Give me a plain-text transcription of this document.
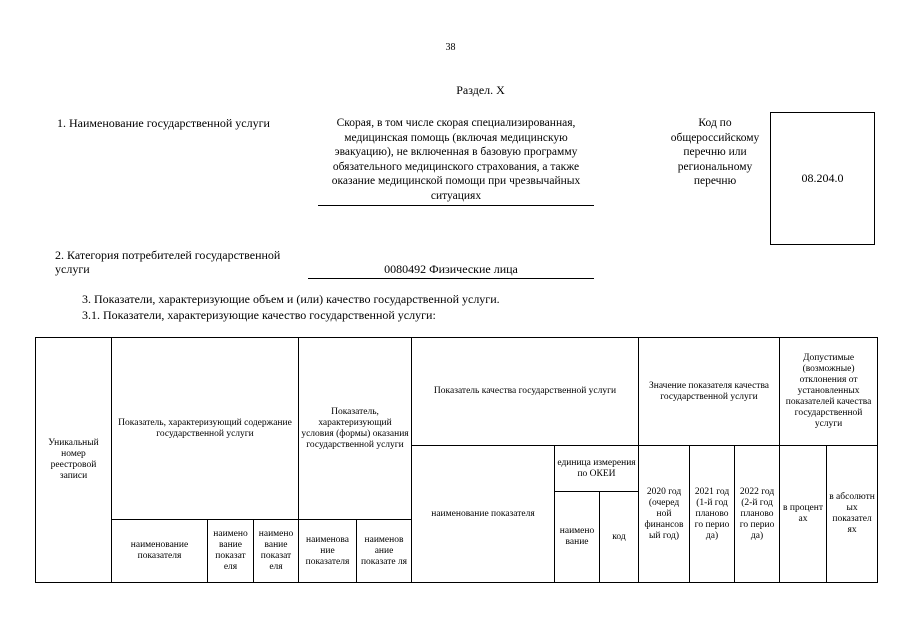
38
Раздел. X
1. Наименование государственной услуги	Скорая, в том числе скорая специализированная, медицинская помощь (включая медицинскую эвакуацию), не включенная в базовую программу обязательного медицинского страхования, а также оказание медицинской помощи при чрезвычайных ситуациях
Код по общероссийскому перечню или региональному перечню	08.204.0
2. Категория потребителей государственной услуги	0080492 Физические лица
3. Показатели, характеризующие объем и (или) качество государственной услуги.
3.1. Показатели, характеризующие качество государственной услуги:
Уникальный номер реестровой записи	Показатель, характеризующий содержание государственной услуги			Показатель, характеризующий условия (формы) оказания государственной услуги		Показатель качества государственной услуги			Значение показателя качества государственной услуги			Допустимые (возможные) отклонения от установленных показателей качества государственной услуги	
						наименование показателя	единица измерения по ОКЕИ		2020 год (очеред ной финансов ый год)	2021 год (1-й год планово го перио да)	2022 год (2-й год планово го перио да)	в процент ах	в абсолютн ых показател ях
							наимено вание	код					
	наименование показателя	наимено вание показат еля	наимено вание показат еля	наименова ние показателя	наименов ание показате ля								
